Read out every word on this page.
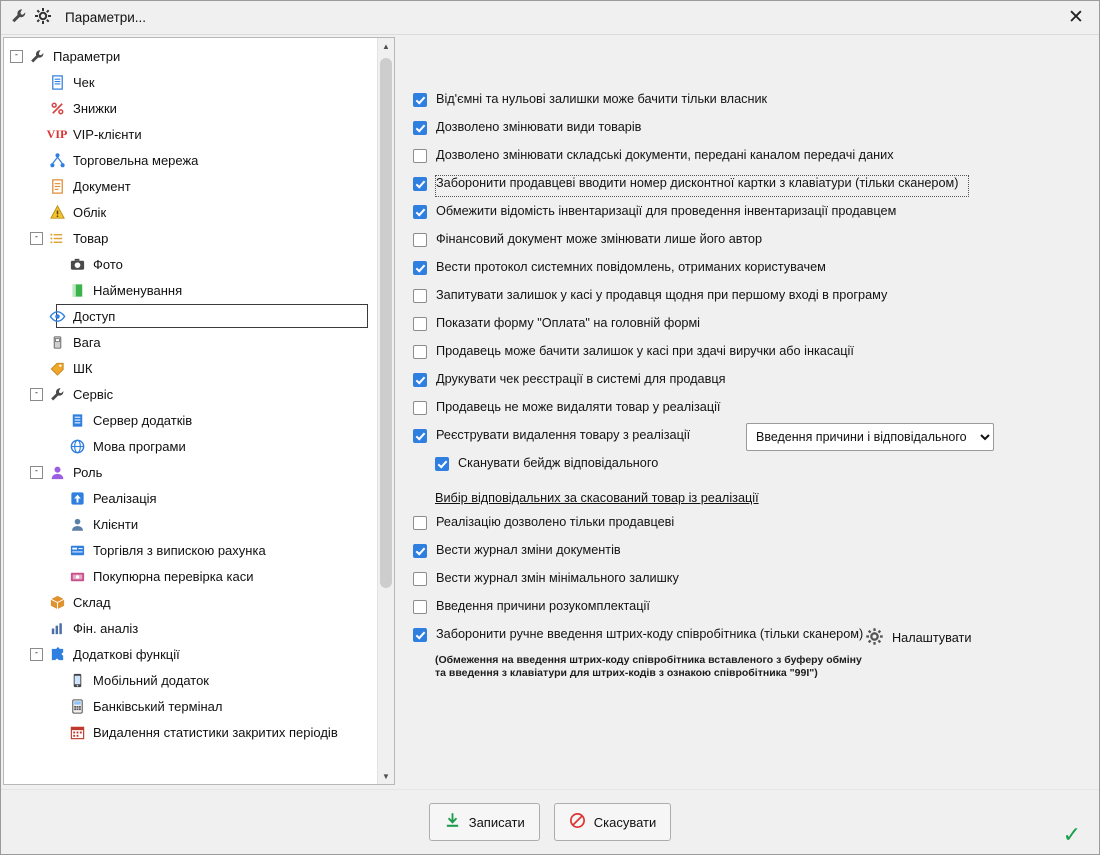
Параметри...	✕
-	Параметри
Чек
Знижки
VIP VIP-клієнти
Торговельна мережа
Документ
Облік
-	Товар
Фото
Найменування
Доступ
Вага
ШК
-	Сервіс
Сервер додатків
Мова програми
-	Роль
Реалізація
Клієнти
Торгівля з випискою рахунка
Покупюрна перевірка каси
Склад
Фін. аналіз
-	Додаткові функції
Мобільний додаток
Банківський термінал
Видалення статистики закритих періодів
▲
▼
Від'ємні та нульові залишки може бачити тільки власник
Дозволено змінювати види товарів
Дозволено змінювати складські документи, передані каналом передачі даних
Заборонити продавцеві вводити номер дисконтної картки з клавіатури (тільки сканером)
Обмежити відомість інвентаризації для проведення інвентаризації продавцем
Фінансовий документ може змінювати лише його автор
Вести протокол системних повідомлень, отриманих користувачем
Запитувати залишок у касі у продавця щодня при першому вході в програму
Показати форму "Оплата" на головній формі
Продавець може бачити залишок у касі при здачі виручки або інкасації
Друкувати чек реєстрації в системі для продавця
Продавець не може видаляти товар у реалізації
Реєструвати видалення товару з реалізації
Введення причини і відповідального
Сканувати бейдж відповідального
Вибір відповідальних за скасований товар із реалізації
Реалізацію дозволено тільки продавцеві
Вести журнал зміни документів
Вести журнал змін мінімального залишку
Введення причини розукомплектації
Заборонити ручне введення штрих-коду співробітника (тільки сканером)
(Обмеження на введення штрих-коду співробітника вставленого з буферу обміну
та введення з клавіатури для штрих-кодів з ознакою співробітника "99I")
Налаштувати
Записати	Скасувати	✓
